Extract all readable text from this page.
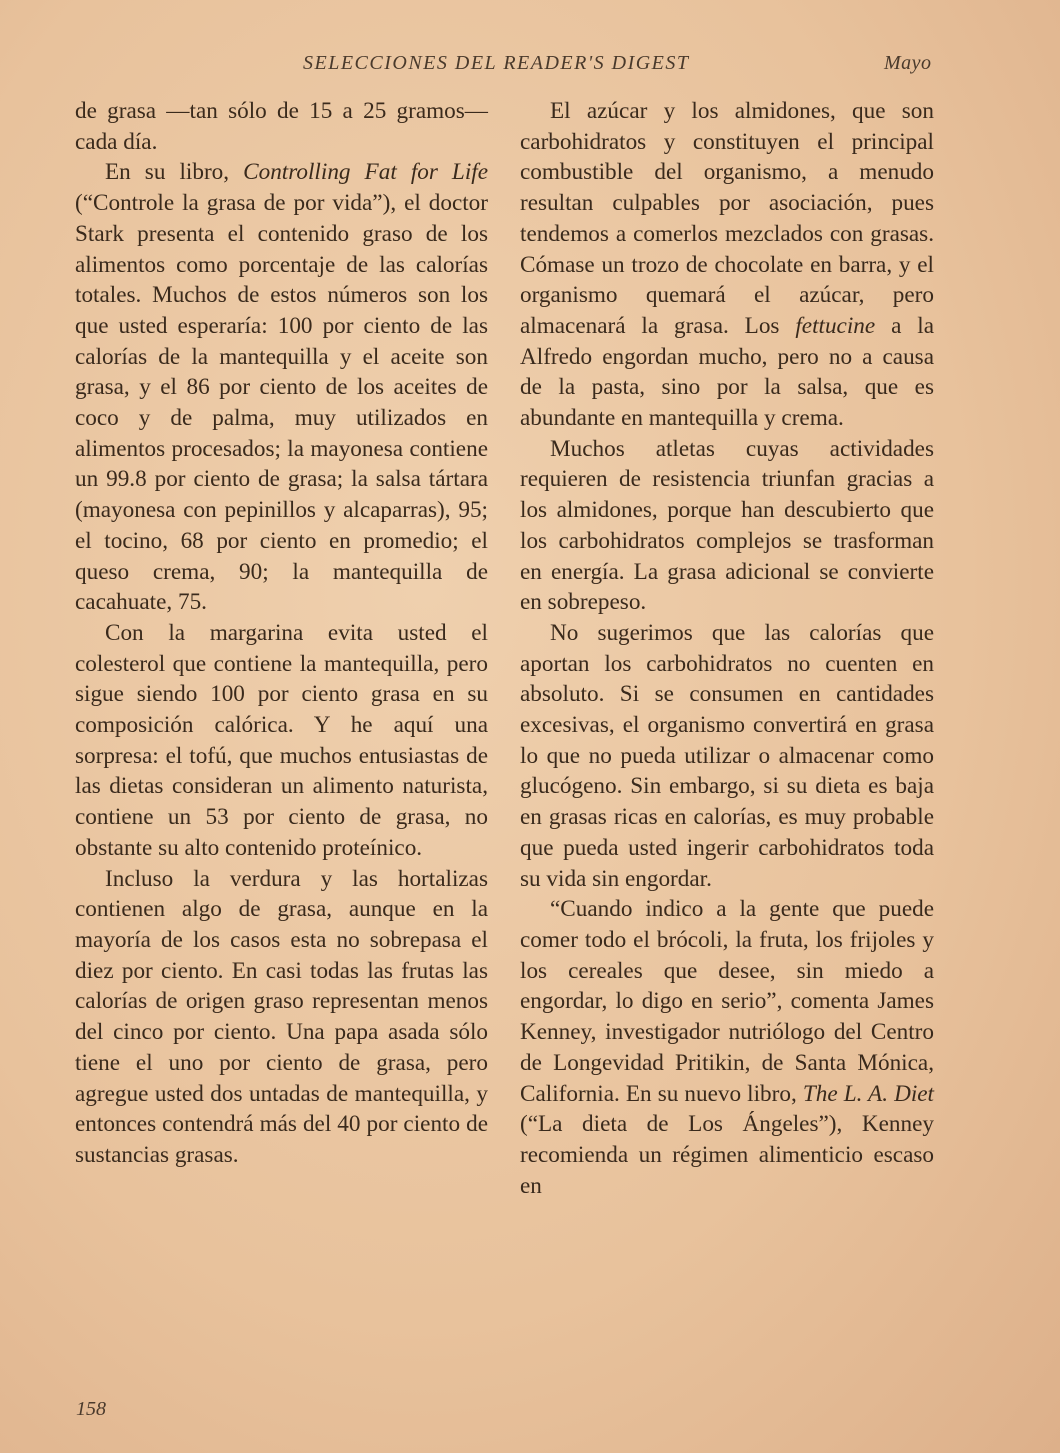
SELECCIONES DEL READER'S DIGEST	Mayo

de grasa —tan sólo de 15 a 25 gramos— cada día.

En su libro, Controlling Fat for Life (“Controle la grasa de por vida”), el doctor Stark presenta el contenido graso de los alimentos como porcentaje de las calorías totales. Muchos de estos números son los que usted esperaría: 100 por ciento de las calorías de la mantequilla y el aceite son grasa, y el 86 por ciento de los aceites de coco y de palma, muy utilizados en alimentos procesados; la mayonesa contiene un 99.8 por ciento de grasa; la salsa tártara (mayonesa con pepinillos y alcaparras), 95; el tocino, 68 por ciento en promedio; el queso crema, 90; la mantequilla de cacahuate, 75.

Con la margarina evita usted el colesterol que contiene la mantequilla, pero sigue siendo 100 por ciento grasa en su composición calórica. Y he aquí una sorpresa: el tofú, que muchos entusiastas de las dietas consideran un alimento naturista, contiene un 53 por ciento de grasa, no obstante su alto contenido proteínico.

Incluso la verdura y las hortalizas contienen algo de grasa, aunque en la mayoría de los casos esta no sobrepasa el diez por ciento. En casi todas las frutas las calorías de origen graso representan menos del cinco por ciento. Una papa asada sólo tiene el uno por ciento de grasa, pero agregue usted dos untadas de mantequilla, y entonces contendrá más del 40 por ciento de sustancias grasas.

El azúcar y los almidones, que son carbohidratos y constituyen el principal combustible del organismo, a menudo resultan culpables por asociación, pues tendemos a comerlos mezclados con grasas. Cómase un trozo de chocolate en barra, y el organismo quemará el azúcar, pero almacenará la grasa. Los fettucine a la Alfredo engordan mucho, pero no a causa de la pasta, sino por la salsa, que es abundante en mantequilla y crema.

Muchos atletas cuyas actividades requieren de resistencia triunfan gracias a los almidones, porque han descubierto que los carbohidratos complejos se trasforman en energía. La grasa adicional se convierte en sobrepeso.

No sugerimos que las calorías que aportan los carbohidratos no cuenten en absoluto. Si se consumen en cantidades excesivas, el organismo convertirá en grasa lo que no pueda utilizar o almacenar como glucógeno. Sin embargo, si su dieta es baja en grasas ricas en calorías, es muy probable que pueda usted ingerir carbohidratos toda su vida sin engordar.

“Cuando indico a la gente que puede comer todo el brócoli, la fruta, los frijoles y los cereales que desee, sin miedo a engordar, lo digo en serio”, comenta James Kenney, investigador nutriólogo del Centro de Longevidad Pritikin, de Santa Mónica, California. En su nuevo libro, The L. A. Diet (“La dieta de Los Ángeles”), Kenney recomienda un régimen alimenticio escaso en

158
